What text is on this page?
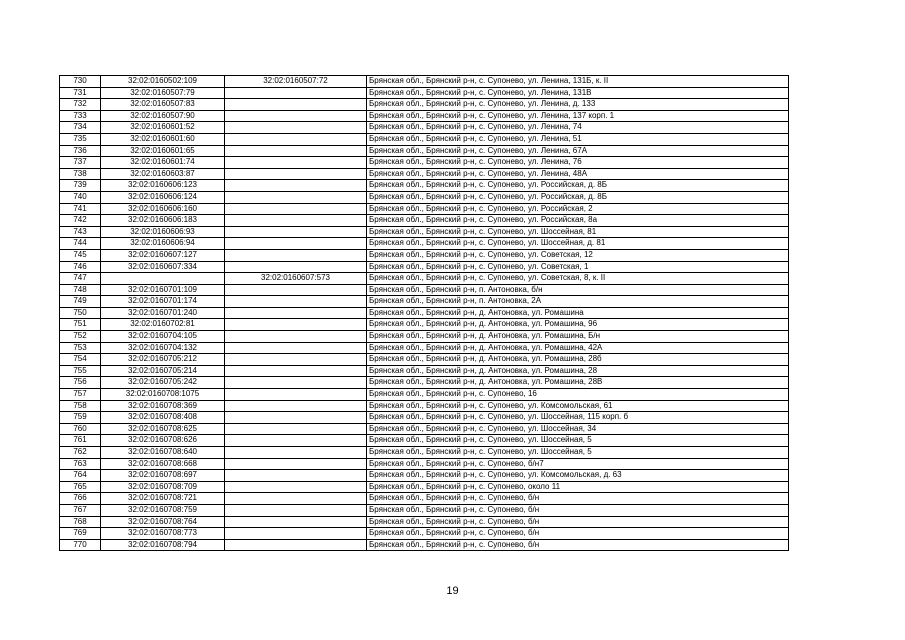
730	32:02:0160502:109	32:02:0160507:72	Брянская обл., Брянский р-н, с. Супонево, ул. Ленина, 131Б, к. II
731	32:02:0160507:79		Брянская обл., Брянский р-н, с. Супонево, ул. Ленина, 131В
732	32:02:0160507:83		Брянская обл., Брянский р-н, с. Супонево, ул. Ленина, д. 133
733	32:02:0160507:90		Брянская обл., Брянский р-н, с. Супонево, ул. Ленина, 137 корп. 1
734	32:02:0160601:52		Брянская обл., Брянский р-н, с. Супонево, ул. Ленина, 74
735	32:02:0160601:60		Брянская обл., Брянский р-н, с. Супонево, ул. Ленина, 51
736	32:02:0160601:65		Брянская обл., Брянский р-н, с. Супонево, ул. Ленина, 67А
737	32:02:0160601:74		Брянская обл., Брянский р-н, с. Супонево, ул. Ленина, 76
738	32:02:0160603:87		Брянская обл., Брянский р-н, с. Супонево, ул. Ленина, 48А
739	32:02:0160606:123		Брянская обл., Брянский р-н, с. Супонево, ул. Российская, д. 8Б
740	32:02:0160606:124		Брянская обл., Брянский р-н, с. Супонево, ул. Российская, д. 8Б
741	32:02:0160606:160		Брянская обл., Брянский р-н, с. Супонево, ул. Российская, 2
742	32:02:0160606:183		Брянская обл., Брянский р-н, с. Супонево, ул. Российская, 8а
743	32:02:0160606:93		Брянская обл., Брянский р-н, с. Супонево, ул. Шоссейная, 81
744	32:02:0160606:94		Брянская обл., Брянский р-н, с. Супонево, ул. Шоссейная, д. 81
745	32:02:0160607:127		Брянская обл., Брянский р-н, с. Супонево, ул. Советская, 12
746	32:02:0160607:334		Брянская обл., Брянский р-н, с. Супонево, ул. Советская, 1
747		32:02:0160607:573	Брянская обл., Брянский р-н, с. Супонево, ул. Советская, 8, к. II
748	32:02:0160701:109		Брянская обл., Брянский р-н, п. Антоновка, б/н
749	32:02:0160701:174		Брянская обл., Брянский р-н, п. Антоновка, 2А
750	32:02:0160701:240		Брянская обл., Брянский р-н, д. Антоновка, ул. Ромашина
751	32:02:0160702:81		Брянская обл., Брянский р-н, д. Антоновка, ул. Ромашина, 96
752	32:02:0160704:105		Брянская обл., Брянский р-н, д. Антоновка, ул. Ромашина, Б/н
753	32:02:0160704:132		Брянская обл., Брянский р-н, д. Антоновка, ул. Ромашина, 42А
754	32:02:0160705:212		Брянская обл., Брянский р-н, д. Антоновка, ул. Ромашина, 28б
755	32:02:0160705:214		Брянская обл., Брянский р-н, д. Антоновка, ул. Ромашина, 28
756	32:02:0160705:242		Брянская обл., Брянский р-н, д. Антоновка, ул. Ромашина, 28В
757	32:02:0160708:1075		Брянская обл., Брянский р-н, с. Супонево, 16
758	32:02:0160708:369		Брянская обл., Брянский р-н, с. Супонево, ул. Комсомольская, 61
759	32:02:0160708:408		Брянская обл., Брянский р-н, с. Супонево, ул. Шоссейная, 115 корп. б
760	32:02:0160708:625		Брянская обл., Брянский р-н, с. Супонево, ул. Шоссейная, 34
761	32:02:0160708:626		Брянская обл., Брянский р-н, с. Супонево, ул. Шоссейная, 5
762	32:02:0160708:640		Брянская обл., Брянский р-н, с. Супонево, ул. Шоссейная, 5
763	32:02:0160708:668		Брянская обл., Брянский р-н, с. Супонево, б/н7
764	32:02:0160708:697		Брянская обл., Брянский р-н, с. Супонево, ул. Комсомольская, д. 63
765	32:02:0160708:709		Брянская обл., Брянский р-н, с. Супонево, около 11
766	32:02:0160708:721		Брянская обл., Брянский р-н, с. Супонево, б/н
767	32:02:0160708:759		Брянская обл., Брянский р-н, с. Супонево, б/н
768	32:02:0160708:764		Брянская обл., Брянский р-н, с. Супонево, б/н
769	32:02:0160708:773		Брянская обл., Брянский р-н, с. Супонево, б/н
770	32:02:0160708:794		Брянская обл., Брянский р-н, с. Супонево, б/н
19
